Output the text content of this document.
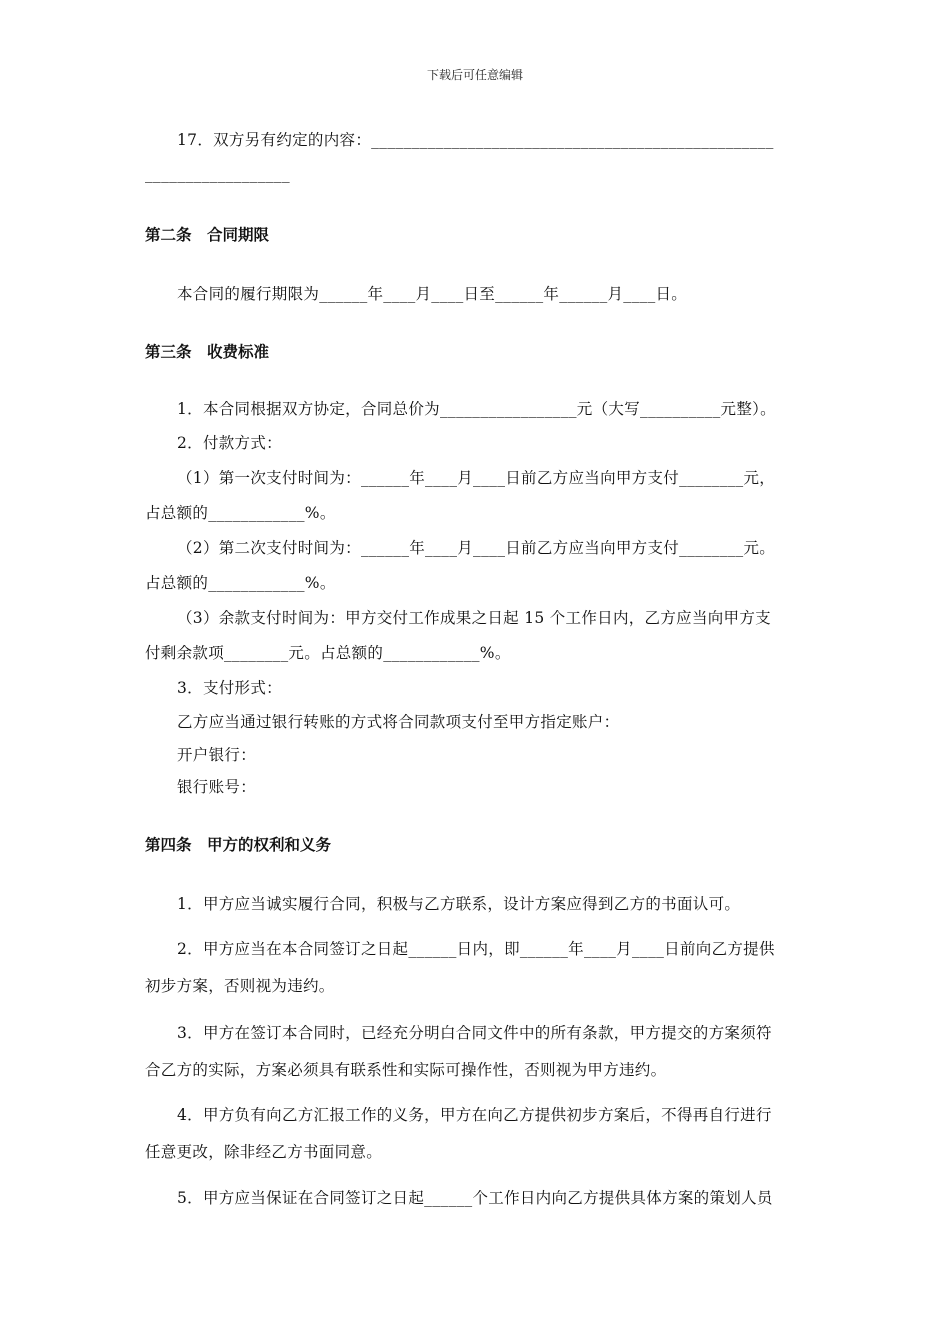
下载后可任意编辑
17．双方另有约定的内容：__________________________________________________
__________________
第二条　合同期限
本合同的履行期限为______年____月____日至______年______月____日。
第三条　收费标准
1．本合同根据双方协定，合同总价为_________________元（大写__________元整）。
2．付款方式：
（1）第一次支付时间为：______年____月____日前乙方应当向甲方支付________元，
占总额的____________%。
（2）第二次支付时间为：______年____月____日前乙方应当向甲方支付________元。
占总额的____________%。
（3）余款支付时间为：甲方交付工作成果之日起 15 个工作日内，乙方应当向甲方支
付剩余款项________元。占总额的____________%。
3．支付形式：
乙方应当通过银行转账的方式将合同款项支付至甲方指定账户：
开户银行：
银行账号：
第四条　甲方的权利和义务
1．甲方应当诚实履行合同，积极与乙方联系，设计方案应得到乙方的书面认可。
2．甲方应当在本合同签订之日起______日内，即______年____月____日前向乙方提供
初步方案，否则视为违约。
3．甲方在签订本合同时，已经充分明白合同文件中的所有条款，甲方提交的方案须符
合乙方的实际，方案必须具有联系性和实际可操作性，否则视为甲方违约。
4．甲方负有向乙方汇报工作的义务，甲方在向乙方提供初步方案后，不得再自行进行
任意更改，除非经乙方书面同意。
5．甲方应当保证在合同签订之日起______个工作日内向乙方提供具体方案的策划人员
